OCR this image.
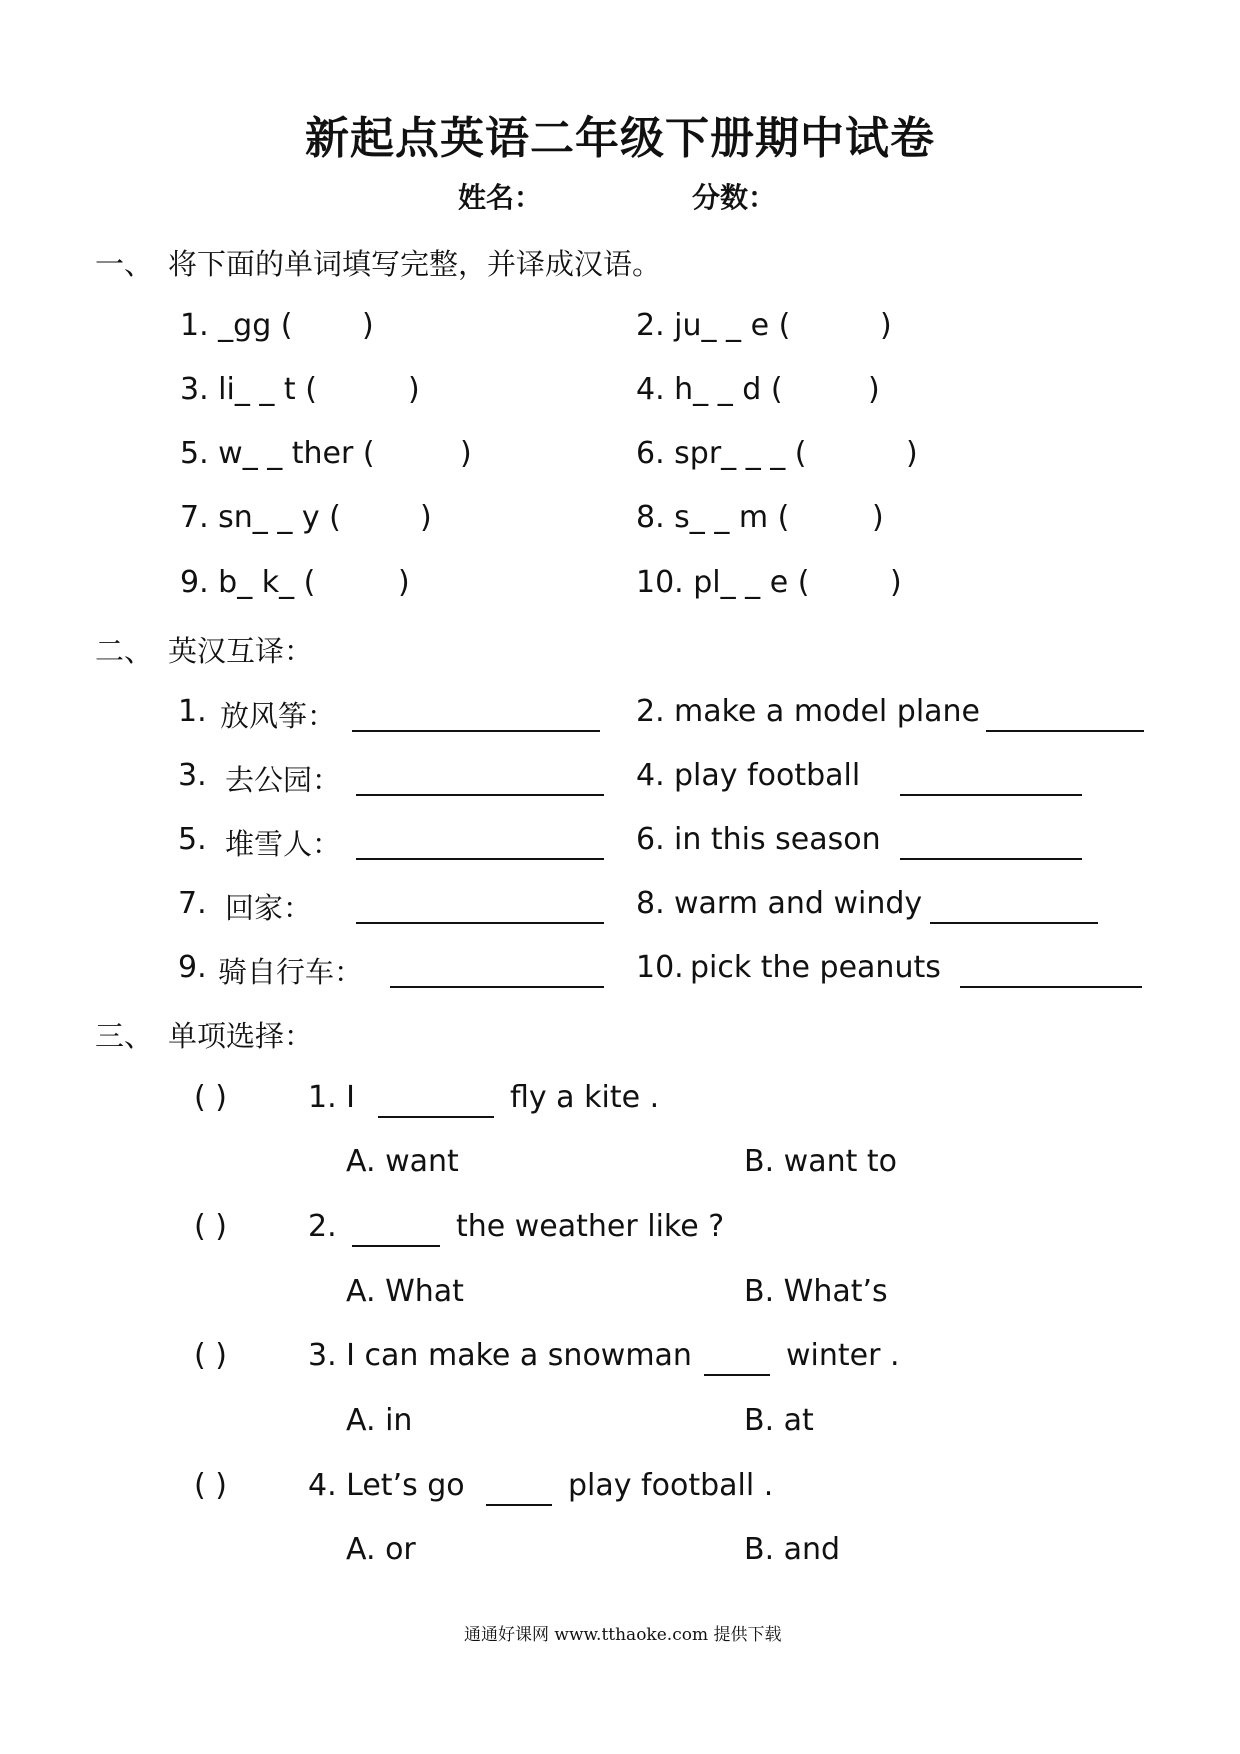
新起点英语二年级下册期中试卷
姓名：	分数：
一、 将下面的单词填写完整，并译成汉语。
1. _gg ( )	2. ju_ _ e (	)
3. li_ _ t (	)	4. h_ _ d (	)
5. w_ _ ther (	)	6. spr_ _ _ (	)
7. sn_ _ y (	)	8. s_ _ m (	)
9. b_ k_ (	)	10. pl_ _ e (	)
二、 英汉互译：
1. 放风筝：	2. make a model plane
3. 去公园：	4. play football
5. 堆雪人：	6. in this season
7. 回家：	8. warm and windy
9. 骑自行车：	10. pick the peanuts
三、 单项选择：
( )	1. I	fly a kite .
A. want	B. want to
( )	2.	the weather like ?
A. What	B. What’s
( )	3. I can make a snowman	winter .
A. in	B. at
( )	4. Let’s go	play football .
A. or	B. and
通通好课网 www.tthaoke.com 提供下载
